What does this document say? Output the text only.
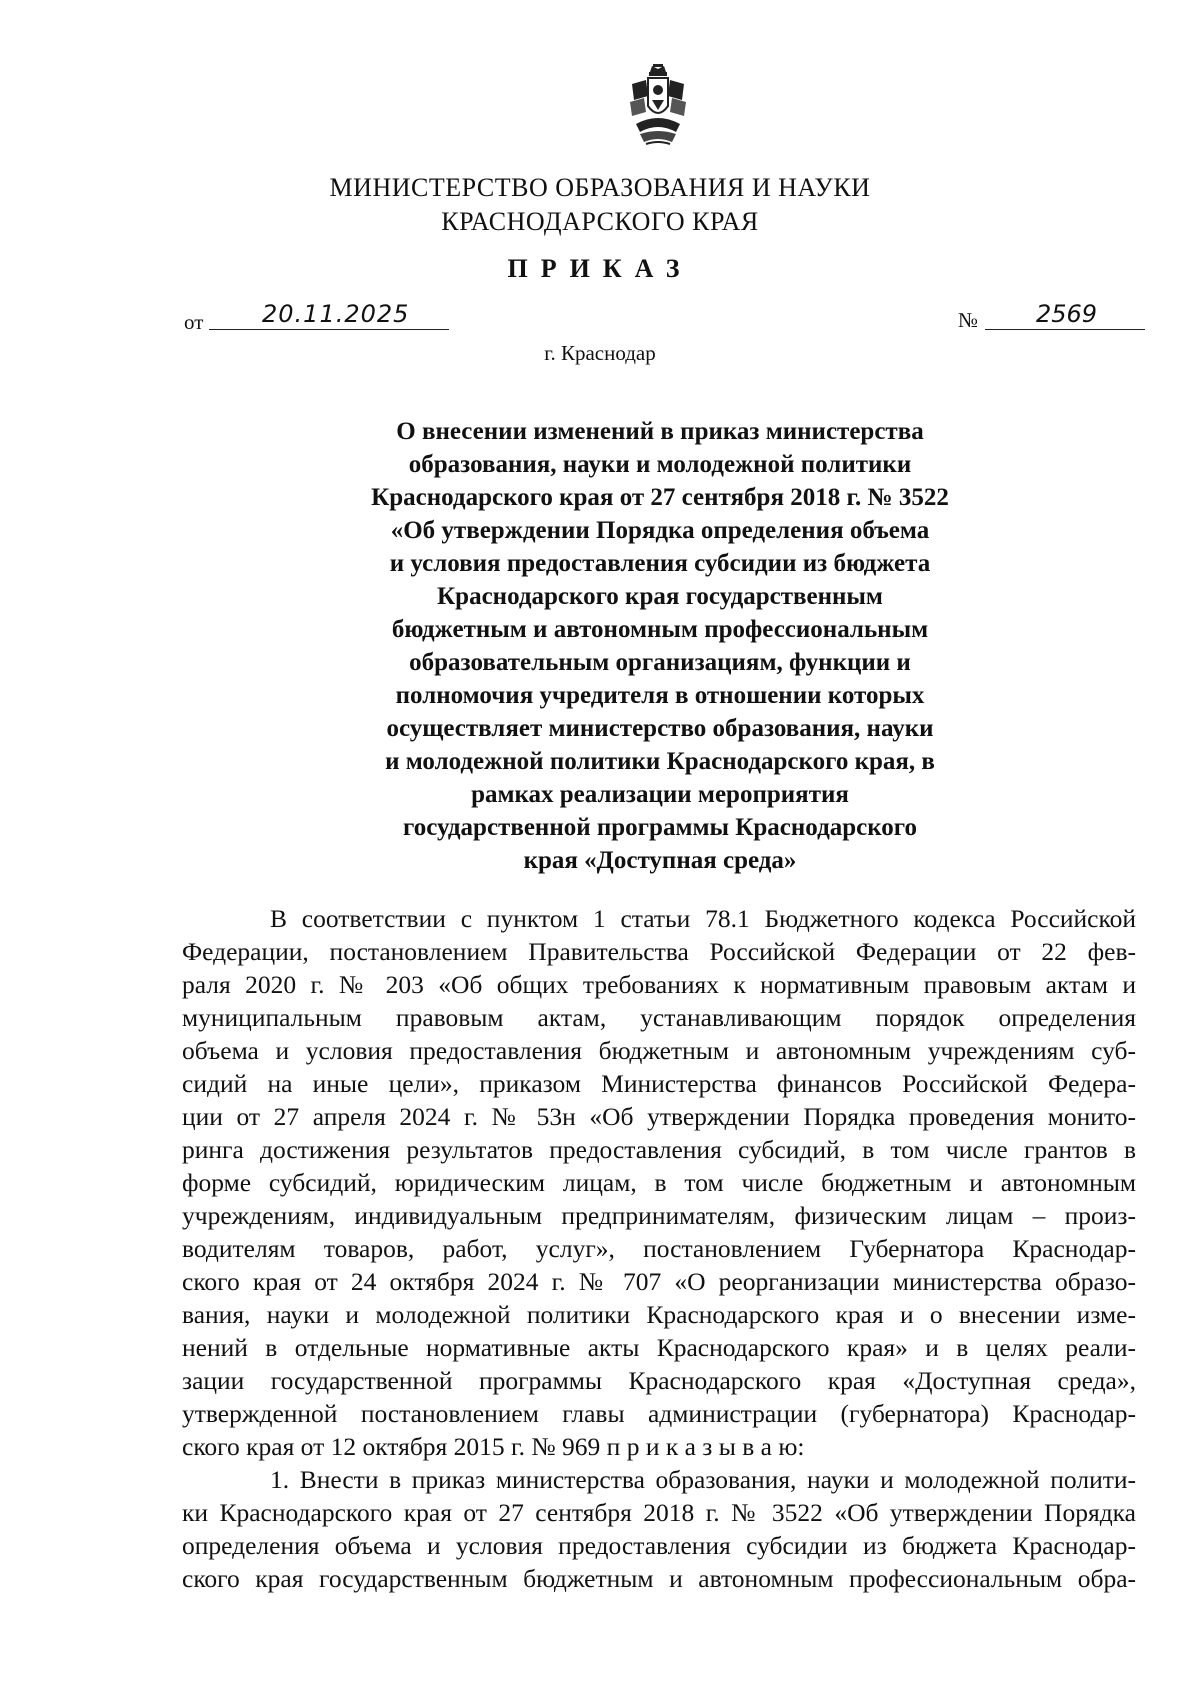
МИНИСТЕРСТВО ОБРАЗОВАНИЯ И НАУКИ
КРАСНОДАРСКОГО КРАЯ
ПРИКАЗ
от 20.11.2025	№ 2569
г. Краснодар
О внесении изменений в приказ министерства
образования, науки и молодежной политики
Краснодарского края от 27 сентября 2018 г. № 3522
«Об утверждении Порядка определения объема
и условия предоставления субсидии из бюджета
Краснодарского края государственным
бюджетным и автономным профессиональным
образовательным организациям, функции и
полномочия учредителя в отношении которых
осуществляет министерство образования, науки
и молодежной политики Краснодарского края, в
рамках реализации мероприятия
государственной программы Краснодарского
края «Доступная среда»
В соответствии с пунктом 1 статьи 78.1 Бюджетного кодекса Российской
Федерации, постановлением Правительства Российской Федерации от 22 фев-
раля 2020 г. № 203 «Об общих требованиях к нормативным правовым актам и
муниципальным правовым актам, устанавливающим порядок определения
объема и условия предоставления бюджетным и автономным учреждениям суб-
сидий на иные цели», приказом Министерства финансов Российской Федера-
ции от 27 апреля 2024 г. № 53н «Об утверждении Порядка проведения монито-
ринга достижения результатов предоставления субсидий, в том числе грантов в
форме субсидий, юридическим лицам, в том числе бюджетным и автономным
учреждениям, индивидуальным предпринимателям, физическим лицам – произ-
водителям товаров, работ, услуг», постановлением Губернатора Краснодар-
ского края от 24 октября 2024 г. № 707 «О реорганизации министерства образо-
вания, науки и молодежной политики Краснодарского края и о внесении изме-
нений в отдельные нормативные акты Краснодарского края» и в целях реали-
зации государственной программы Краснодарского края «Доступная среда»,
утвержденной постановлением главы администрации (губернатора) Краснодар-
ского края от 12 октября 2015 г. № 969 п р и к а з ы в а ю:
1. Внести в приказ министерства образования, науки и молодежной полити-
ки Краснодарского края от 27 сентября 2018 г. № 3522 «Об утверждении Порядка
определения объема и условия предоставления субсидии из бюджета Краснодар-
ского края государственным бюджетным и автономным профессиональным обра-
